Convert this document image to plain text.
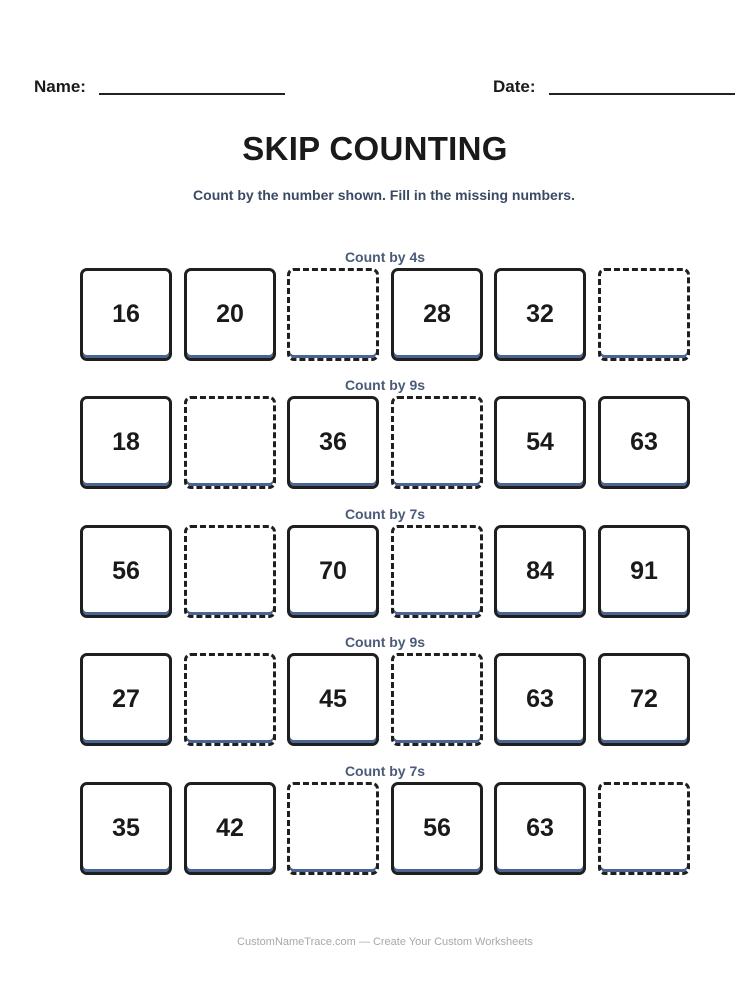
Name:	Date:
SKIP COUNTING
Count by the number shown. Fill in the missing numbers.
Count by 4s
16	20	28	32
Count by 9s
18	36	54	63
Count by 7s
56	70	84	91
Count by 9s
27	45	63	72
Count by 7s
35	42	56	63
CustomNameTrace.com — Create Your Custom Worksheets
